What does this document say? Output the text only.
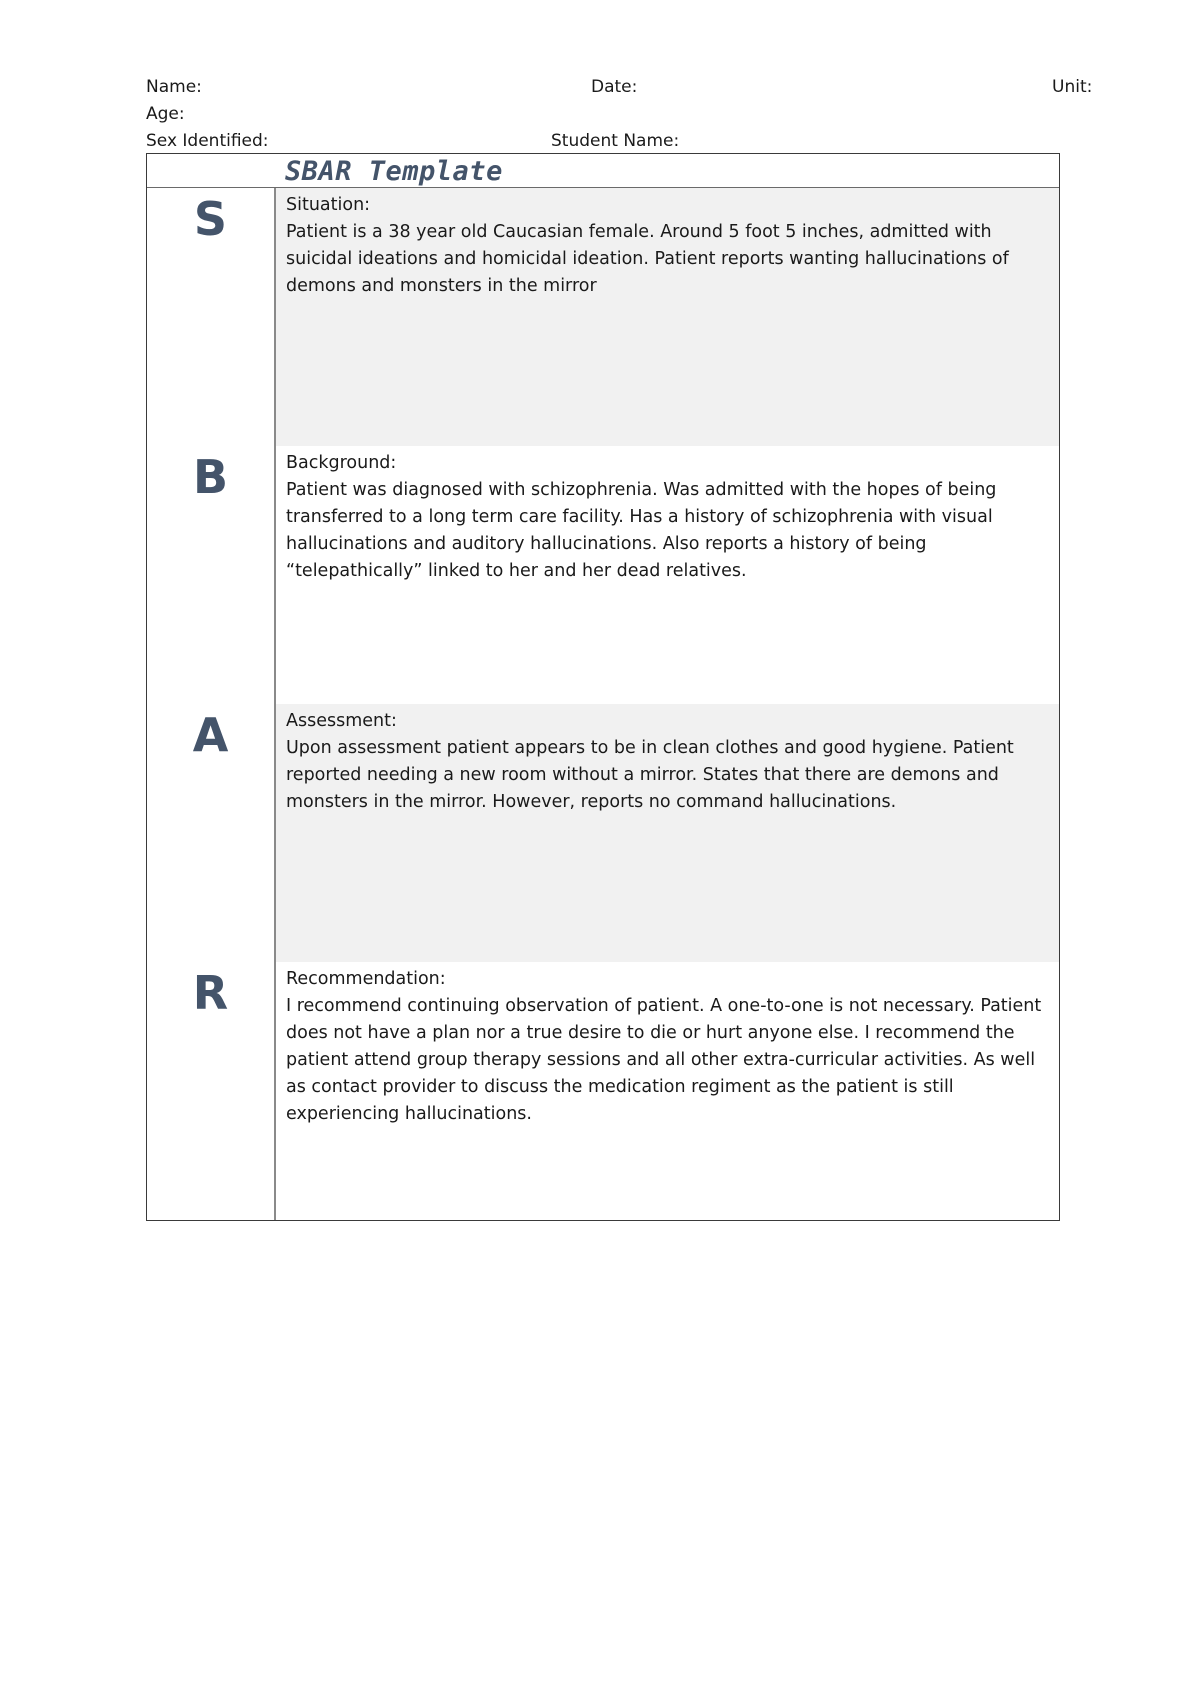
Name:	Date:	Unit:
Age:
Sex Identified:	Student Name:
SBAR Template
S	Situation:
Patient is a 38 year old Caucasian female. Around 5 foot 5 inches, admitted with suicidal ideations and homicidal ideation. Patient reports wanting hallucinations of demons and monsters in the mirror
B	Background:
Patient was diagnosed with schizophrenia. Was admitted with the hopes of being transferred to a long term care facility. Has a history of schizophrenia with visual hallucinations and auditory hallucinations. Also reports a history of being “telepathically” linked to her and her dead relatives.
A	Assessment:
Upon assessment patient appears to be in clean clothes and good hygiene. Patient reported needing a new room without a mirror. States that there are demons and monsters in the mirror. However, reports no command hallucinations.
R	Recommendation:
I recommend continuing observation of patient. A one-to-one is not necessary. Patient does not have a plan nor a true desire to die or hurt anyone else. I recommend the patient attend group therapy sessions and all other extra-curricular activities. As well as contact provider to discuss the medication regiment as the patient is still experiencing hallucinations.
